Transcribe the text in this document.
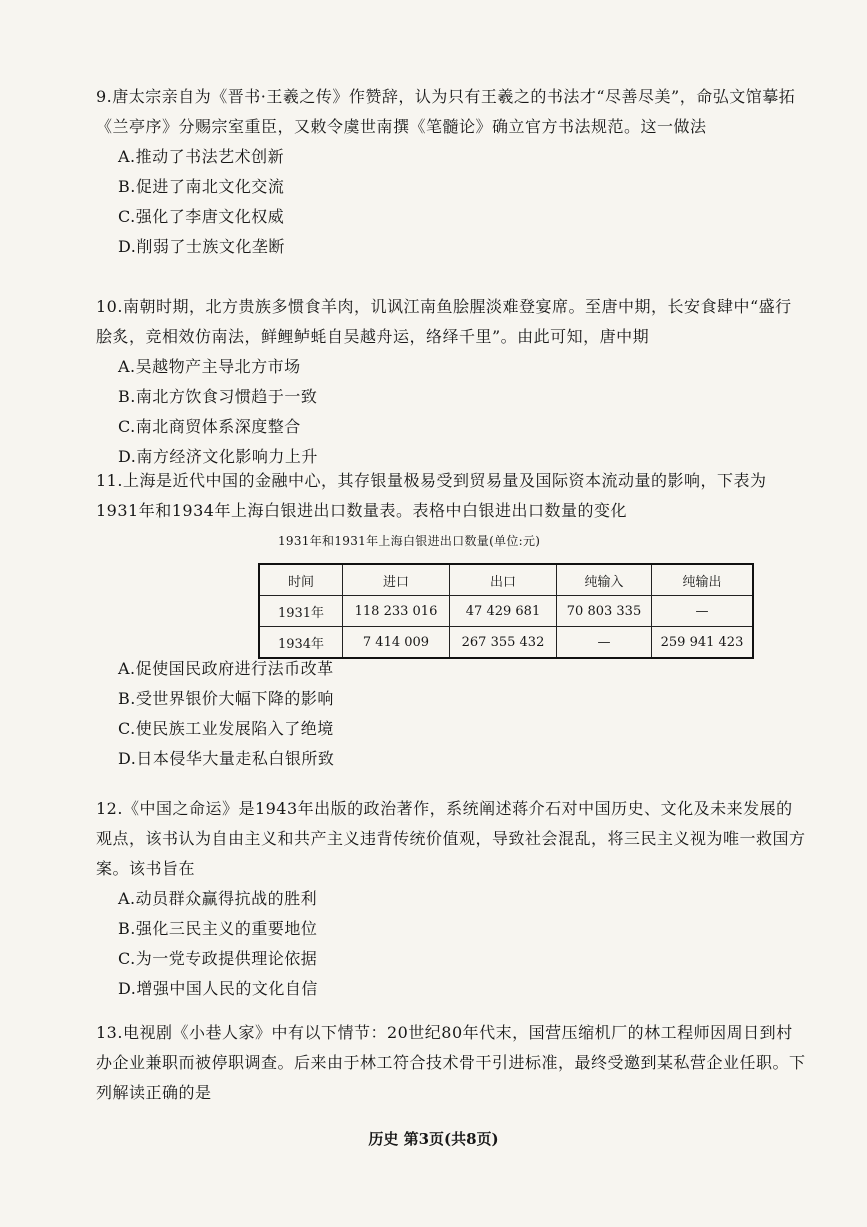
9.唐太宗亲自为《晋书·王羲之传》作赞辞，认为只有王羲之的书法才“尽善尽美”，命弘文馆摹拓《兰亭序》分赐宗室重臣，又敕令虞世南撰《笔髓论》确立官方书法规范。这一做法
A.推动了书法艺术创新
B.促进了南北文化交流
C.强化了李唐文化权威
D.削弱了士族文化垄断
10.南朝时期，北方贵族多惯食羊肉，讥讽江南鱼脍腥淡难登宴席。至唐中期，长安食肆中“盛行脍炙，竞相效仿南法，鲜鲤鲈蚝自吴越舟运，络绎千里”。由此可知，唐中期
A.吴越物产主导北方市场
B.南北方饮食习惯趋于一致
C.南北商贸体系深度整合
D.南方经济文化影响力上升
11.上海是近代中国的金融中心，其存银量极易受到贸易量及国际资本流动量的影响，下表为1931年和1934年上海白银进出口数量表。表格中白银进出口数量的变化
1931年和1931年上海白银进出口数量(单位:元)
时间	进口	出口	纯输入	纯输出
1931年	118 233 016	47 429 681	70 803 335	—
1934年	7 414 009	267 355 432	—	259 941 423
A.促使国民政府进行法币改革
B.受世界银价大幅下降的影响
C.使民族工业发展陷入了绝境
D.日本侵华大量走私白银所致
12.《中国之命运》是1943年出版的政治著作，系统阐述蒋介石对中国历史、文化及未来发展的观点，该书认为自由主义和共产主义违背传统价值观，导致社会混乱，将三民主义视为唯一救国方案。该书旨在
A.动员群众赢得抗战的胜利
B.强化三民主义的重要地位
C.为一党专政提供理论依据
D.增强中国人民的文化自信
13.电视剧《小巷人家》中有以下情节：20世纪80年代末，国营压缩机厂的林工程师因周日到村办企业兼职而被停职调查。后来由于林工符合技术骨干引进标准，最终受邀到某私营企业任职。下列解读正确的是
历史 第3页(共8页)
